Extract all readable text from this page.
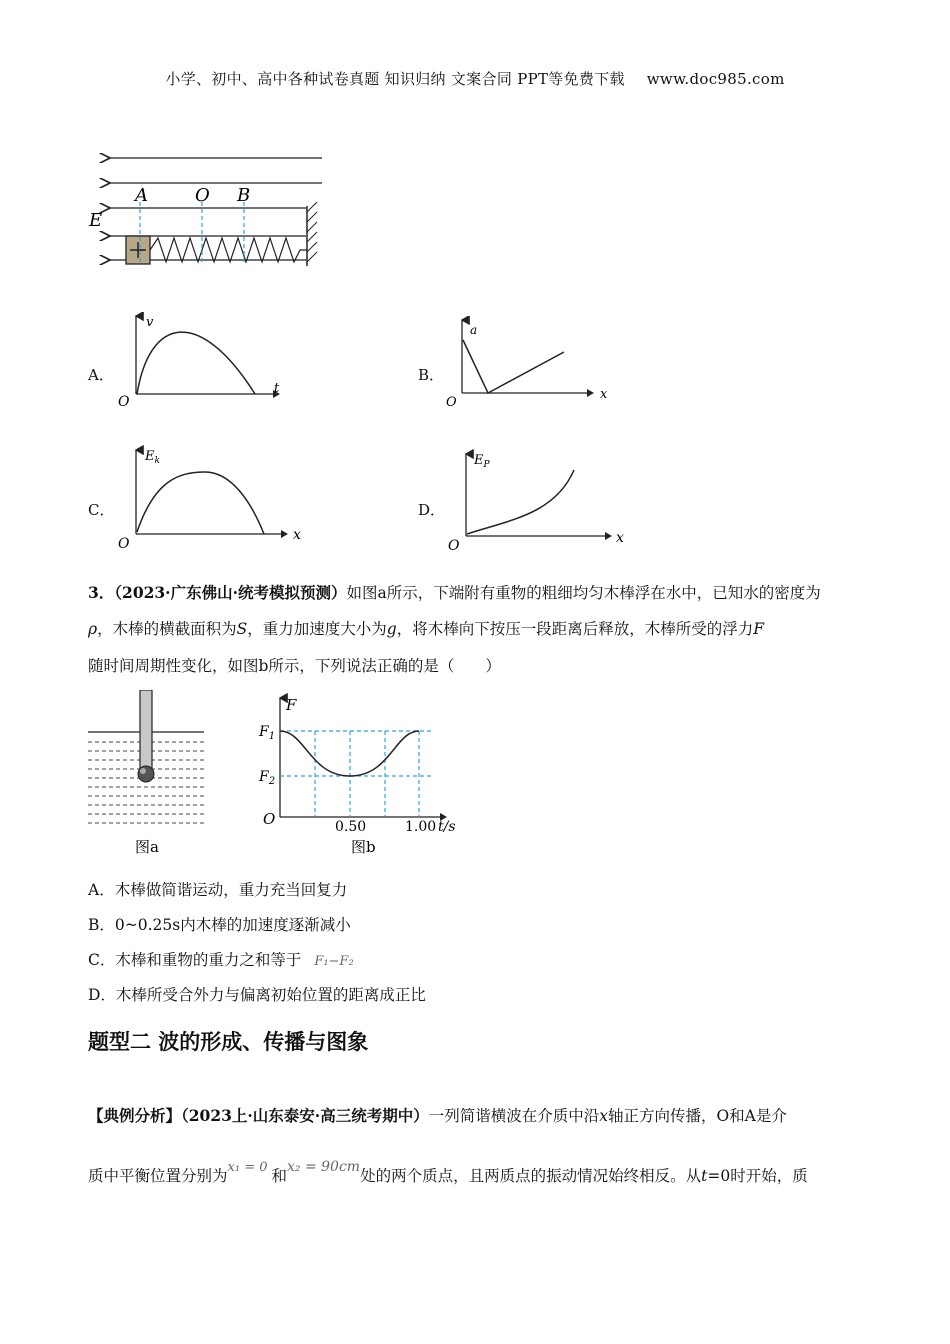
小学、初中、高中各种试卷真题 知识归纳 文案合同 PPT等免费下载 www.doc985.com
A	O B
E
A．
v
t
O
B．
a
x
O
C．
$E_k$
x
O
D．
$E_P$
x
O
3．（2023·广东佛山·统考模拟预测）如图a所示，下端附有重物的粗细均匀木棒浮在水中，已知水的密度为
ρ，木棒的横截面积为S，重力加速度大小为g，将木棒向下按压一段距离后释放，木棒所受的浮力F
随时间周期性变化，如图b所示，下列说法正确的是（　　）
图a
F
$F_1$
$F_2$
O	0.50	1.00 t/s
图b
A．木棒做简谐运动，重力充当回复力
B．0~0.25s内木棒的加速度逐渐减小
C．木棒和重物的重力之和等于 F₁−F₂
D．木棒所受合外力与偏离初始位置的距离成正比
题型二 波的形成、传播与图象
【典例分析】（2023上·山东泰安·高三统考期中）一列简谐横波在介质中沿x轴正方向传播，O和A是介
质中平衡位置分别为$^{x_1 = 0}$ 和x₂ = 90cm处的两个质点，且两质点的振动情况始终相反。从t=0时开始，质
